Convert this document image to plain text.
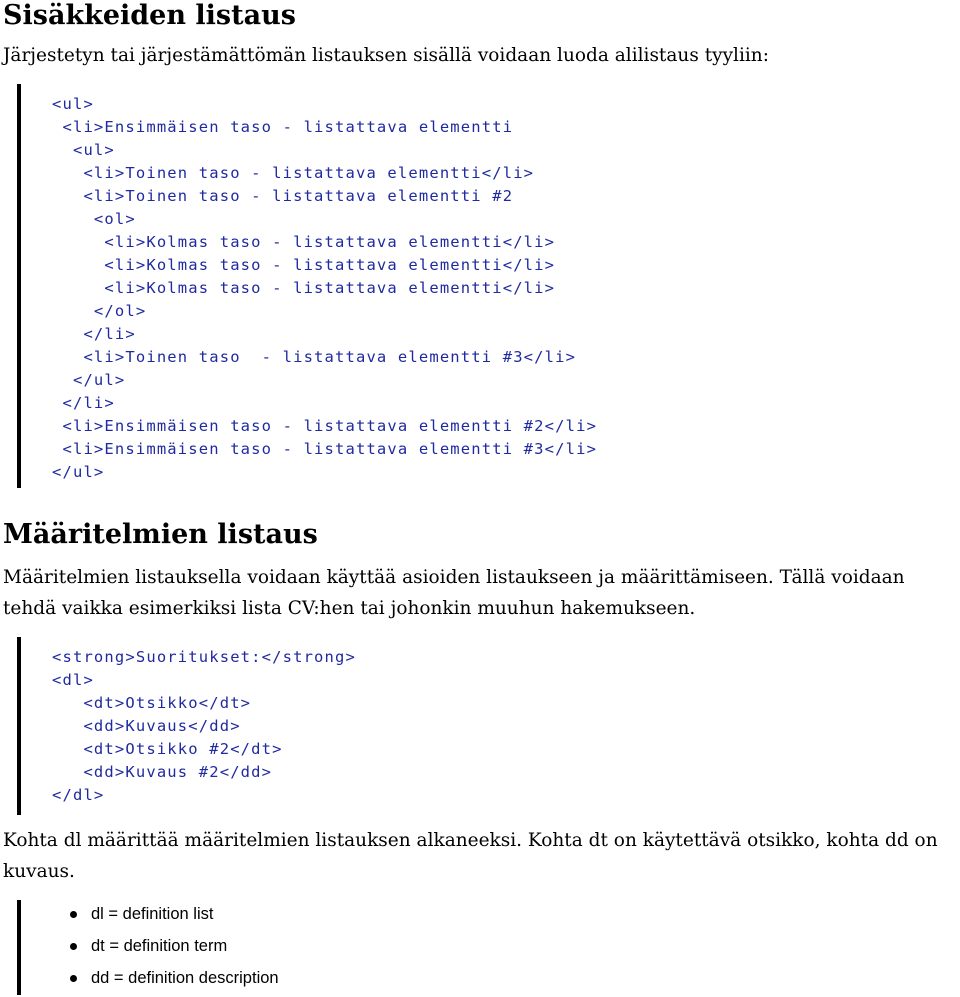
Sisäkkeiden listaus

Järjestetyn tai järjestämättömän listauksen sisällä voidaan luoda alilistaus tyyliin:

<ul>
<li>Ensimmäisen taso - listattava elementti
<ul>
<li>Toinen taso - listattava elementti</li>
<li>Toinen taso - listattava elementti #2
<ol>
<li>Kolmas taso - listattava elementti</li>
<li>Kolmas taso - listattava elementti</li>
<li>Kolmas taso - listattava elementti</li>
</ol>
</li>
<li>Toinen taso  - listattava elementti #3</li>
</ul>
</li>
<li>Ensimmäisen taso - listattava elementti #2</li>
<li>Ensimmäisen taso - listattava elementti #3</li>
</ul>
Määritelmien listaus

Määritelmien listauksella voidaan käyttää asioiden listaukseen ja määrittämiseen. Tällä voidaan

tehdä vaikka esimerkiksi lista CV:hen tai johonkin muuhun hakemukseen.

<strong>Suoritukset:</strong>
<dl>
<dt>Otsikko</dt>
<dd>Kuvaus</dd>
<dt>Otsikko #2</dt>
<dd>Kuvaus #2</dd>
</dl>

Kohta dl määrittää määritelmien listauksen alkaneeksi. Kohta dt on käytettävä otsikko, kohta dd on

kuvaus.

dl = definition list
dt = definition term
dd = definition description
